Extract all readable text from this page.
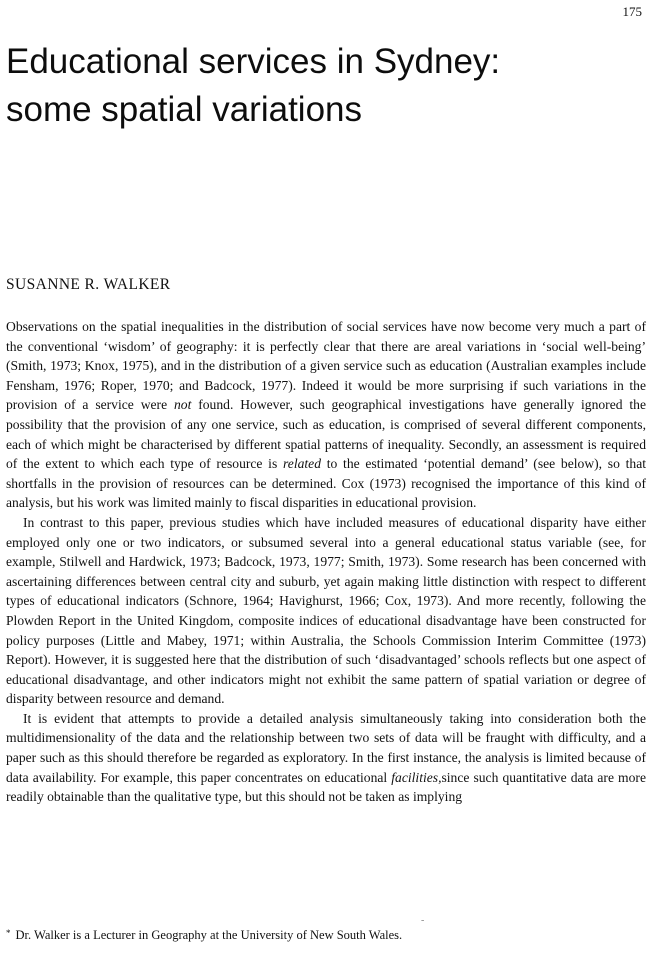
175
Educational services in Sydney:
some spatial variations
SUSANNE R. WALKER

Observations on the spatial inequalities in the distribution of social services have now become very much a part of the conventional ‘wisdom’ of geography: it is perfectly clear that there are areal variations in ‘social well-being’ (Smith, 1973; Knox, 1975), and in the distribution of a given service such as education (Australian examples include Fensham, 1976; Roper, 1970; and Badcock, 1977). Indeed it would be more surprising if such variations in the provision of a service were not found. However, such geographical investigations have generally ignored the possibility that the provision of any one service, such as education, is comprised of several different components, each of which might be characterised by different spatial patterns of inequality. Secondly, an assessment is required of the extent to which each type of resource is related to the estimated ‘potential demand’ (see below), so that shortfalls in the provision of resources can be determined. Cox (1973) recognised the importance of this kind of analysis, but his work was limited mainly to fiscal disparities in educational provision.

In contrast to this paper, previous studies which have included measures of educational disparity have either employed only one or two indicators, or subsumed several into a general educational status variable (see, for example, Stilwell and Hardwick, 1973; Badcock, 1973, 1977; Smith, 1973). Some research has been concerned with ascertaining differences between central city and suburb, yet again making little distinction with respect to different types of educational indicators (Schnore, 1964; Havighurst, 1966; Cox, 1973). And more recently, following the Plowden Report in the United Kingdom, composite indices of educational disadvantage have been constructed for policy purposes (Little and Mabey, 1971; within Australia, the Schools Commission Interim Committee (1973) Report). However, it is suggested here that the distribution of such ‘disadvantaged’ schools reflects but one aspect of educational disadvantage, and other indicators might not exhibit the same pattern of spatial variation or degree of disparity between resource and demand.

It is evident that attempts to provide a detailed analysis simultaneously taking into consideration both the multidimensionality of the data and the relationship between two sets of data will be fraught with difficulty, and a paper such as this should therefore be regarded as exploratory. In the first instance, the analysis is limited because of data availability. For example, this paper concentrates on educational facilities,since such quantitative data are more readily obtainable than the qualitative type, but this should not be taken as implying

-
* Dr. Walker is a Lecturer in Geography at the University of New South Wales.
